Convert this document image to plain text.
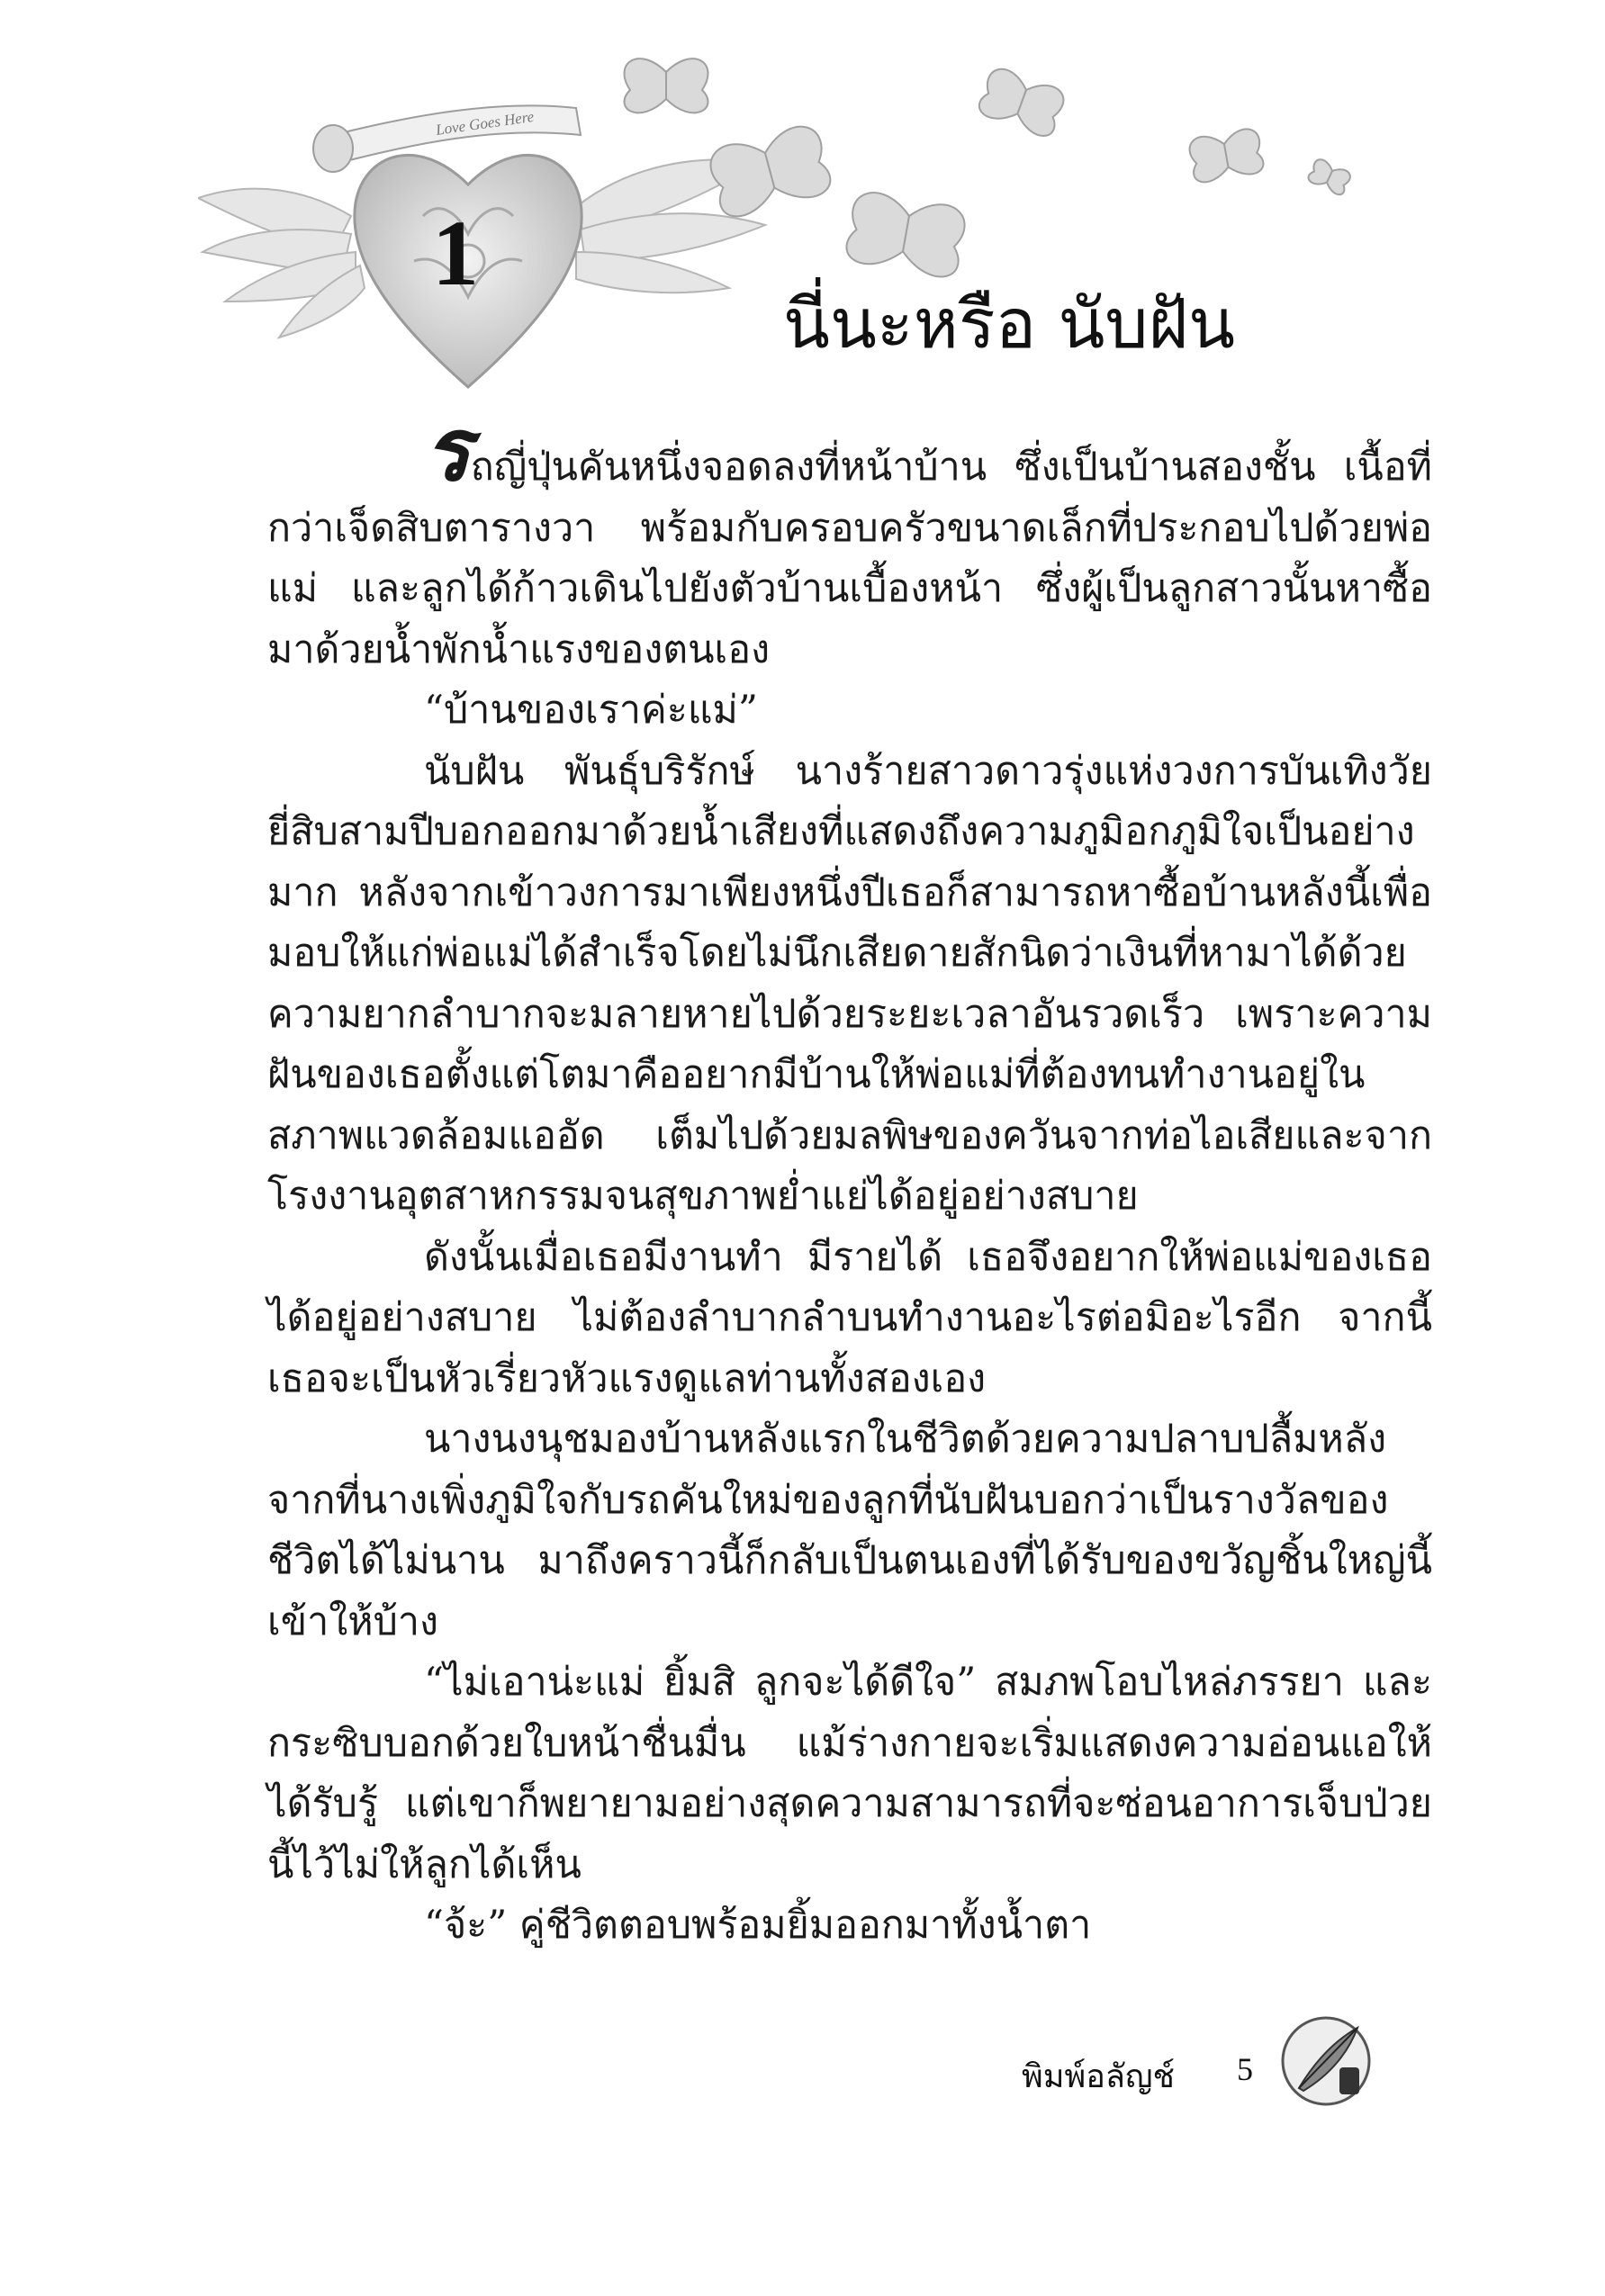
Love Goes Here
1
นี่นะหรือ นับฝัน

รถญี่ปุ่นคันหนึ่งจอดลงที่หน้าบ้าน ซึ่งเป็นบ้านสองชั้น เนื้อที่กว่าเจ็ดสิบตารางวา พร้อมกับครอบครัวขนาดเล็กที่ประกอบไปด้วยพ่อ แม่ และลูกได้ก้าวเดินไปยังตัวบ้านเบื้องหน้า ซึ่งผู้เป็นลูกสาวนั้นหาซื้อมาด้วยน้ำพักน้ำแรงของตนเอง

“บ้านของเราค่ะแม่”

นับฝัน พันธุ์บริรักษ์ นางร้ายสาวดาวรุ่งแห่งวงการบันเทิงวัยยี่สิบสามปีบอกออกมาด้วยน้ำเสียงที่แสดงถึงความภูมิอกภูมิใจเป็นอย่างมาก หลังจากเข้าวงการมาเพียงหนึ่งปีเธอก็สามารถหาซื้อบ้านหลังนี้เพื่อมอบให้แก่พ่อแม่ได้สำเร็จโดยไม่นึกเสียดายสักนิดว่าเงินที่หามาได้ด้วยความยากลำบากจะมลายหายไปด้วยระยะเวลาอันรวดเร็ว เพราะความฝันของเธอตั้งแต่โตมาคืออยากมีบ้านให้พ่อแม่ที่ต้องทนทำงานอยู่ในสภาพแวดล้อมแออัด เต็มไปด้วยมลพิษของควันจากท่อไอเสียและจากโรงงานอุตสาหกรรมจนสุขภาพย่ำแย่ได้อยู่อย่างสบาย

ดังนั้นเมื่อเธอมีงานทำ มีรายได้ เธอจึงอยากให้พ่อแม่ของเธอได้อยู่อย่างสบาย ไม่ต้องลำบากลำบนทำงานอะไรต่อมิอะไรอีก จากนี้เธอจะเป็นหัวเรี่ยวหัวแรงดูแลท่านทั้งสองเอง

นางนงนุชมองบ้านหลังแรกในชีวิตด้วยความปลาบปลื้มหลังจากที่นางเพิ่งภูมิใจกับรถคันใหม่ของลูกที่นับฝันบอกว่าเป็นรางวัลของชีวิตได้ไม่นาน มาถึงคราวนี้ก็กลับเป็นตนเองที่ได้รับของขวัญชิ้นใหญ่นี้เข้าให้บ้าง

“ไม่เอาน่ะแม่ ยิ้มสิ ลูกจะได้ดีใจ” สมภพโอบไหล่ภรรยา และกระซิบบอกด้วยใบหน้าชื่นมื่น แม้ร่างกายจะเริ่มแสดงความอ่อนแอให้ได้รับรู้ แต่เขาก็พยายามอย่างสุดความสามารถที่จะซ่อนอาการเจ็บป่วยนี้ไว้ไม่ให้ลูกได้เห็น

“จ้ะ” คู่ชีวิตตอบพร้อมยิ้มออกมาทั้งน้ำตา

พิมพ์อลัญช์ 5
